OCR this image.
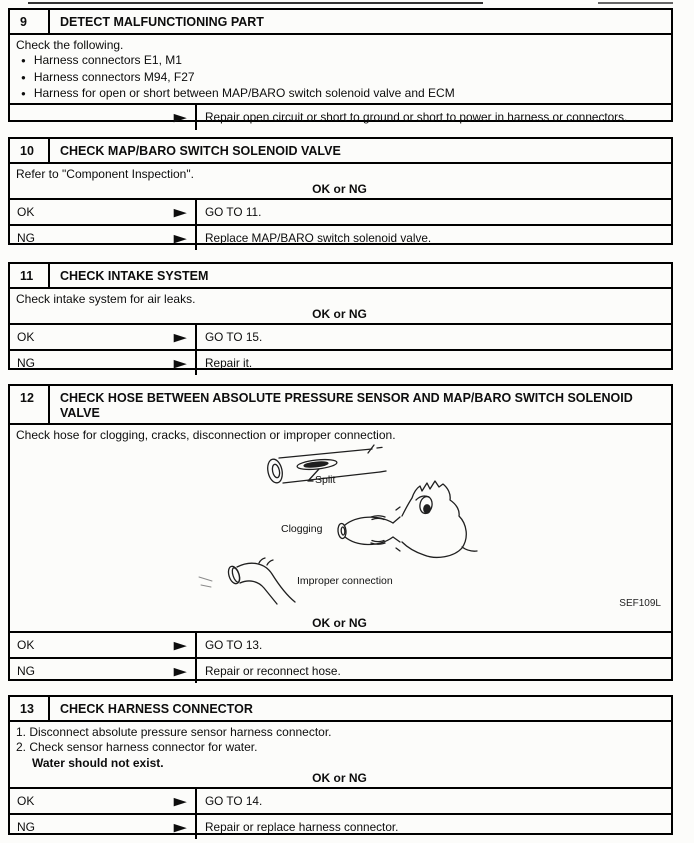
9	DETECT MALFUNCTIONING PART
Check the following.
● Harness connectors E1, M1
● Harness connectors M94, F27
● Harness for open or short between MAP/BARO switch solenoid valve and ECM
▶	Repair open circuit or short to ground or short to power in harness or connectors.
10	CHECK MAP/BARO SWITCH SOLENOID VALVE
Refer to "Component Inspection".
OK or NG
OK	▶	GO TO 11.
NG	▶	Replace MAP/BARO switch solenoid valve.
11	CHECK INTAKE SYSTEM
Check intake system for air leaks.
OK or NG
OK	▶	GO TO 15.
NG	▶	Repair it.
12	CHECK HOSE BETWEEN ABSOLUTE PRESSURE SENSOR AND MAP/BARO SWITCH SOLENOID VALVE
Check hose for clogging, cracks, disconnection or improper connection.
Split
Clogging
Improper connection
SEF109L
OK or NG
OK	▶	GO TO 13.
NG	▶	Repair or reconnect hose.
13	CHECK HARNESS CONNECTOR
1. Disconnect absolute pressure sensor harness connector.
2. Check sensor harness connector for water.
Water should not exist.
OK or NG
OK	▶	GO TO 14.
NG	▶	Repair or replace harness connector.
